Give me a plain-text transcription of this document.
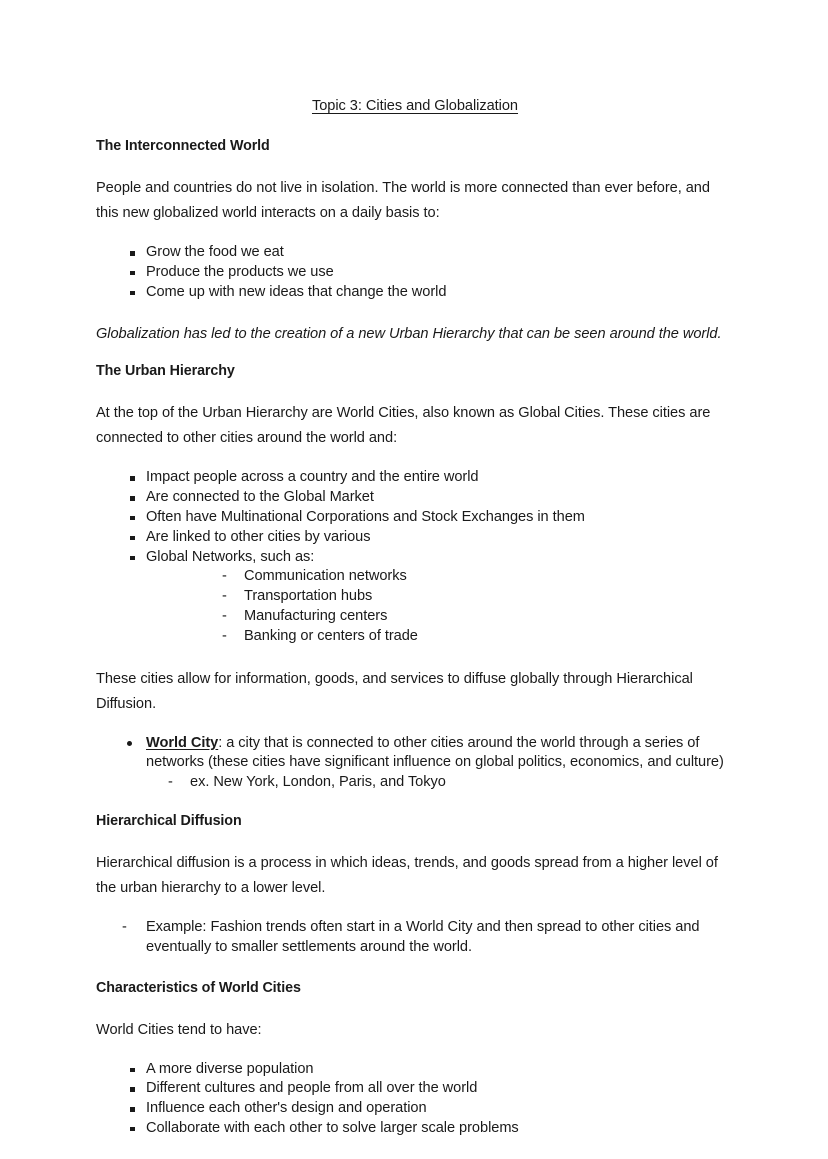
Topic 3: Cities and Globalization
The Interconnected World

People and countries do not live in isolation. The world is more connected than ever before, and this new globalized world interacts on a daily basis to:

Grow the food we eat
Produce the products we use
Come up with new ideas that change the world

Globalization has led to the creation of a new Urban Hierarchy that can be seen around the world.

The Urban Hierarchy

At the top of the Urban Hierarchy are World Cities, also known as Global Cities. These cities are connected to other cities around the world and:

Impact people across a country and the entire world
Are connected to the Global Market
Often have Multinational Corporations and Stock Exchanges in them
Are linked to other cities by various
Global Networks, such as:
- Communication networks
- Transportation hubs
- Manufacturing centers
- Banking or centers of trade

These cities allow for information, goods, and services to diffuse globally through Hierarchical Diffusion.

World City: a city that is connected to other cities around the world through a series of networks (these cities have significant influence on global politics, economics, and culture)
- ex. New York, London, Paris, and Tokyo
Hierarchical Diffusion

Hierarchical diffusion is a process in which ideas, trends, and goods spread from a higher level of the urban hierarchy to a lower level.

- Example: Fashion trends often start in a World City and then spread to other cities and eventually to smaller settlements around the world.
Characteristics of World Cities

World Cities tend to have:

A more diverse population
Different cultures and people from all over the world
Influence each other's design and operation
Collaborate with each other to solve larger scale problems
